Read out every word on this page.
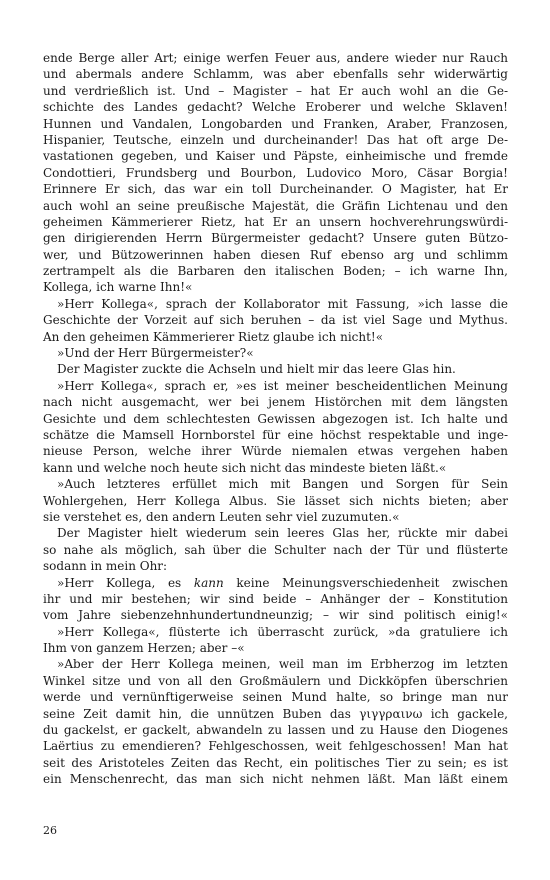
ende Berge aller Art; einige werfen Feuer aus, andere wieder nur Rauch
und abermals andere Schlamm, was aber ebenfalls sehr widerwärtig
und verdrießlich ist. Und – Magister – hat Er auch wohl an die Ge-
schichte des Landes gedacht? Welche Eroberer und welche Sklaven!
Hunnen und Vandalen, Longobarden und Franken, Araber, Franzosen,
Hispanier, Teutsche, einzeln und durcheinander! Das hat oft arge De-
vastationen gegeben, und Kaiser und Päpste, einheimische und fremde
Condottieri, Frundsberg und Bourbon, Ludovico Moro, Cäsar Borgia!
Erinnere Er sich, das war ein toll Durcheinander. O Magister, hat Er
auch wohl an seine preußische Majestät, die Gräfin Lichtenau und den
geheimen Kämmerierer Rietz, hat Er an unsern hochverehrungswürdi-
gen dirigierenden Herrn Bürgermeister gedacht? Unsere guten Bützo-
wer, und Bützowerinnen haben diesen Ruf ebenso arg und schlimm
zertrampelt als die Barbaren den italischen Boden; – ich warne Ihn,
Kollega, ich warne Ihn!«
»Herr Kollega«, sprach der Kollaborator mit Fassung, »ich lasse die
Geschichte der Vorzeit auf sich beruhen – da ist viel Sage und Mythus.
An den geheimen Kämmerierer Rietz glaube ich nicht!«
»Und der Herr Bürgermeister?«
Der Magister zuckte die Achseln und hielt mir das leere Glas hin.
»Herr Kollega«, sprach er, »es ist meiner bescheidentlichen Meinung
nach nicht ausgemacht, wer bei jenem Histörchen mit dem längsten
Gesichte und dem schlechtesten Gewissen abgezogen ist. Ich halte und
schätze die Mamsell Hornborstel für eine höchst respektable und inge-
nieuse Person, welche ihrer Würde niemalen etwas vergehen haben
kann und welche noch heute sich nicht das mindeste bieten läßt.«
»Auch letzteres erfüllet mich mit Bangen und Sorgen für Sein
Wohlergehen, Herr Kollega Albus. Sie lässet sich nichts bieten; aber
sie verstehet es, den andern Leuten sehr viel zuzumuten.«
Der Magister hielt wiederum sein leeres Glas her, rückte mir dabei
so nahe als möglich, sah über die Schulter nach der Tür und flüsterte
sodann in mein Ohr:
»Herr Kollega, es kann keine Meinungsverschiedenheit zwischen
ihr und mir bestehen; wir sind beide – Anhänger der – Konstitution
vom Jahre siebenzehnhundertundneunzig; – wir sind politisch einig!«
»Herr Kollega«, flüsterte ich überrascht zurück, »da gratuliere ich
Ihm von ganzem Herzen; aber –«
»Aber der Herr Kollega meinen, weil man im Erbherzog im letzten
Winkel sitze und von all den Großmäulern und Dickköpfen überschrien
werde und vernünftigerweise seinen Mund halte, so bringe man nur
seine Zeit damit hin, die unnützen Buben das γιγγραινω ich gackele,
du gackelst, er gackelt, abwandeln zu lassen und zu Hause den Diogenes
Laërtius zu emendieren? Fehlgeschossen, weit fehlgeschossen! Man hat
seit des Aristoteles Zeiten das Recht, ein politisches Tier zu sein; es ist
ein Menschenrecht, das man sich nicht nehmen läßt. Man läßt einem
26
